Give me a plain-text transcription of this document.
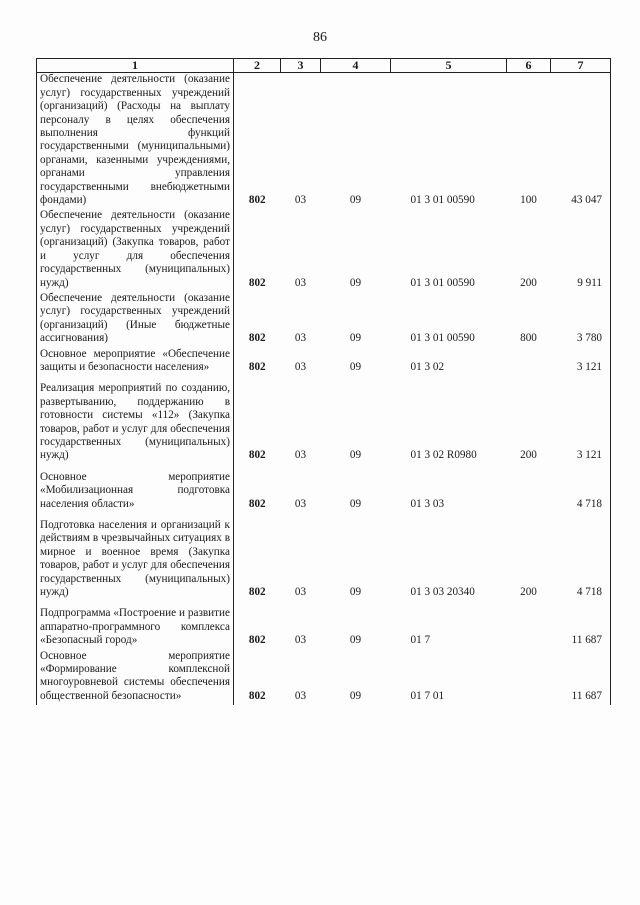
86
1	2	3	4	5	6	7
Обеспечение деятельности (оказание услуг) государственных учреждений (организаций) (Расходы на выплату персоналу в целях обеспечения выполнения функций государственными (муниципальными) органами, казенными учреждениями, органами управления государственными внебюджетными фондами)	802	03	09	01 3 01 00590	100	43 047
Обеспечение деятельности (оказание услуг) государственных учреждений (организаций) (Закупка товаров, работ и услуг для обеспечения государственных (муниципальных) нужд)	802	03	09	01 3 01 00590	200	9 911
Обеспечение деятельности (оказание услуг) государственных учреждений (организаций) (Иные бюджетные ассигнования)	802	03	09	01 3 01 00590	800	3 780
Основное мероприятие «Обеспечение защиты и безопасности населения»	802	03	09	01 3 02		3 121
Реализация мероприятий по созданию, развертыванию, поддержанию в готовности системы «112» (Закупка товаров, работ и услуг для обеспечения государственных (муниципальных) нужд)	802	03	09	01 3 02 R0980	200	3 121
Основное мероприятие «Мобилизационная подготовка населения области»	802	03	09	01 3 03		4 718
Подготовка населения и организаций к действиям в чрезвычайных ситуациях в мирное и военное время (Закупка товаров, работ и услуг для обеспечения государственных (муниципальных) нужд)	802	03	09	01 3 03 20340	200	4 718
Подпрограмма «Построение и развитие аппаратно-программного комплекса «Безопасный город»	802	03	09	01 7		11 687
Основное мероприятие «Формирование комплексной многоуровневой системы обеспечения общественной безопасности»	802	03	09	01 7 01		11 687
